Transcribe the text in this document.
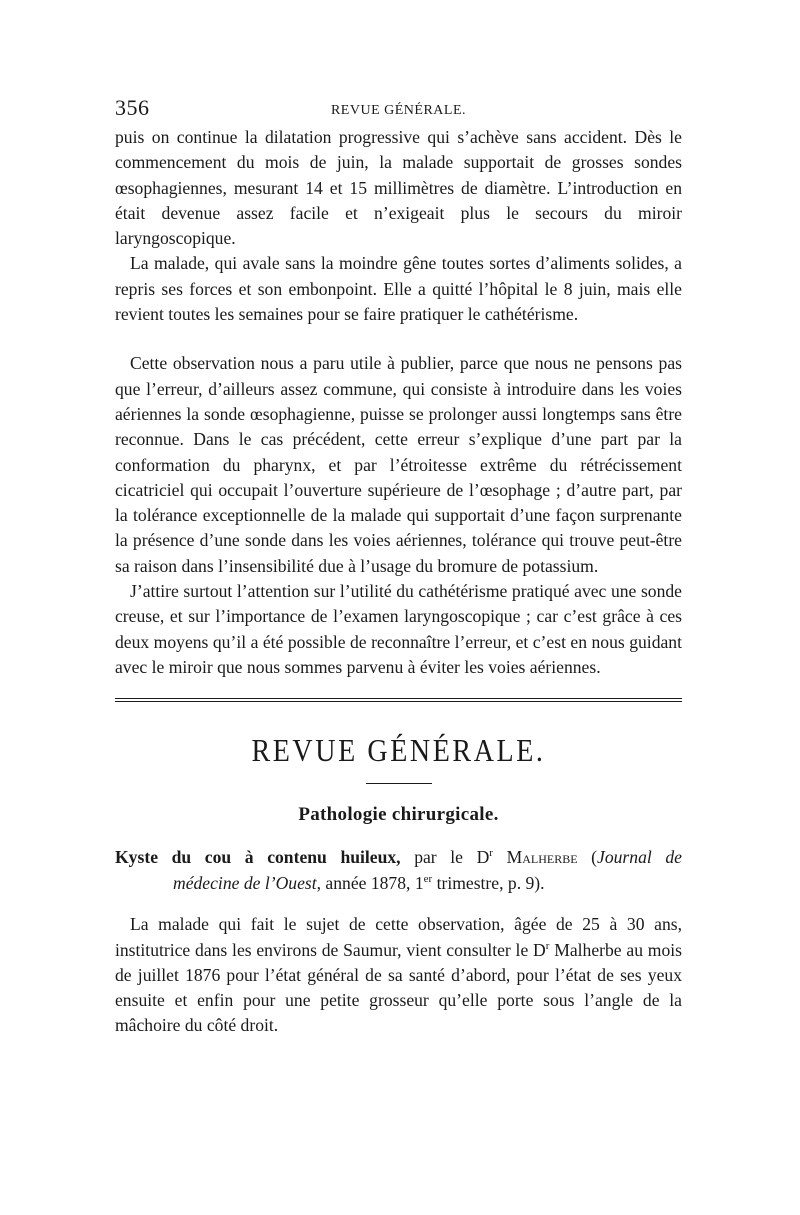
356	REVUE GÉNÉRALE.

puis on continue la dilatation progressive qui s’achève sans accident. Dès le commencement du mois de juin, la malade supportait de grosses sondes œsophagiennes, mesurant 14 et 15 millimètres de diamètre. L’introduction en était devenue assez facile et n’exigeait plus le secours du miroir laryngoscopique.

La malade, qui avale sans la moindre gêne toutes sortes d’aliments solides, a repris ses forces et son embonpoint. Elle a quitté l’hôpital le 8 juin, mais elle revient toutes les semaines pour se faire pratiquer le cathétérisme.

Cette observation nous a paru utile à publier, parce que nous ne pensons pas que l’erreur, d’ailleurs assez commune, qui consiste à introduire dans les voies aériennes la sonde œsophagienne, puisse se prolonger aussi longtemps sans être reconnue. Dans le cas précédent, cette erreur s’explique d’une part par la conformation du pharynx, et par l’étroitesse extrême du rétrécissement cicatriciel qui occupait l’ouverture supérieure de l’œsophage ; d’autre part, par la tolérance exceptionnelle de la malade qui supportait d’une façon surprenante la présence d’une sonde dans les voies aériennes, tolérance qui trouve peut-être sa raison dans l’insensibilité due à l’usage du bromure de potassium.

J’attire surtout l’attention sur l’utilité du cathétérisme pratiqué avec une sonde creuse, et sur l’importance de l’examen laryngoscopique ; car c’est grâce à ces deux moyens qu’il a été possible de reconnaître l’erreur, et c’est en nous guidant avec le miroir que nous sommes parvenu à éviter les voies aériennes.

REVUE GÉNÉRALE.
Pathologie chirurgicale.
Kyste du cou à contenu huileux, par le $D^r$ Malherbe (Journal de
médecine de l’Ouest, année 1878, 1er trimestre, p. 9).

La malade qui fait le sujet de cette observation, âgée de 25 à 30 ans, institutrice dans les environs de Saumur, vient consulter le $D^r$ Malherbe au mois de juillet 1876 pour l’état général de sa santé d’abord, pour l’état de ses yeux ensuite et enfin pour une petite grosseur qu’elle porte sous l’angle de la mâchoire du côté droit.
